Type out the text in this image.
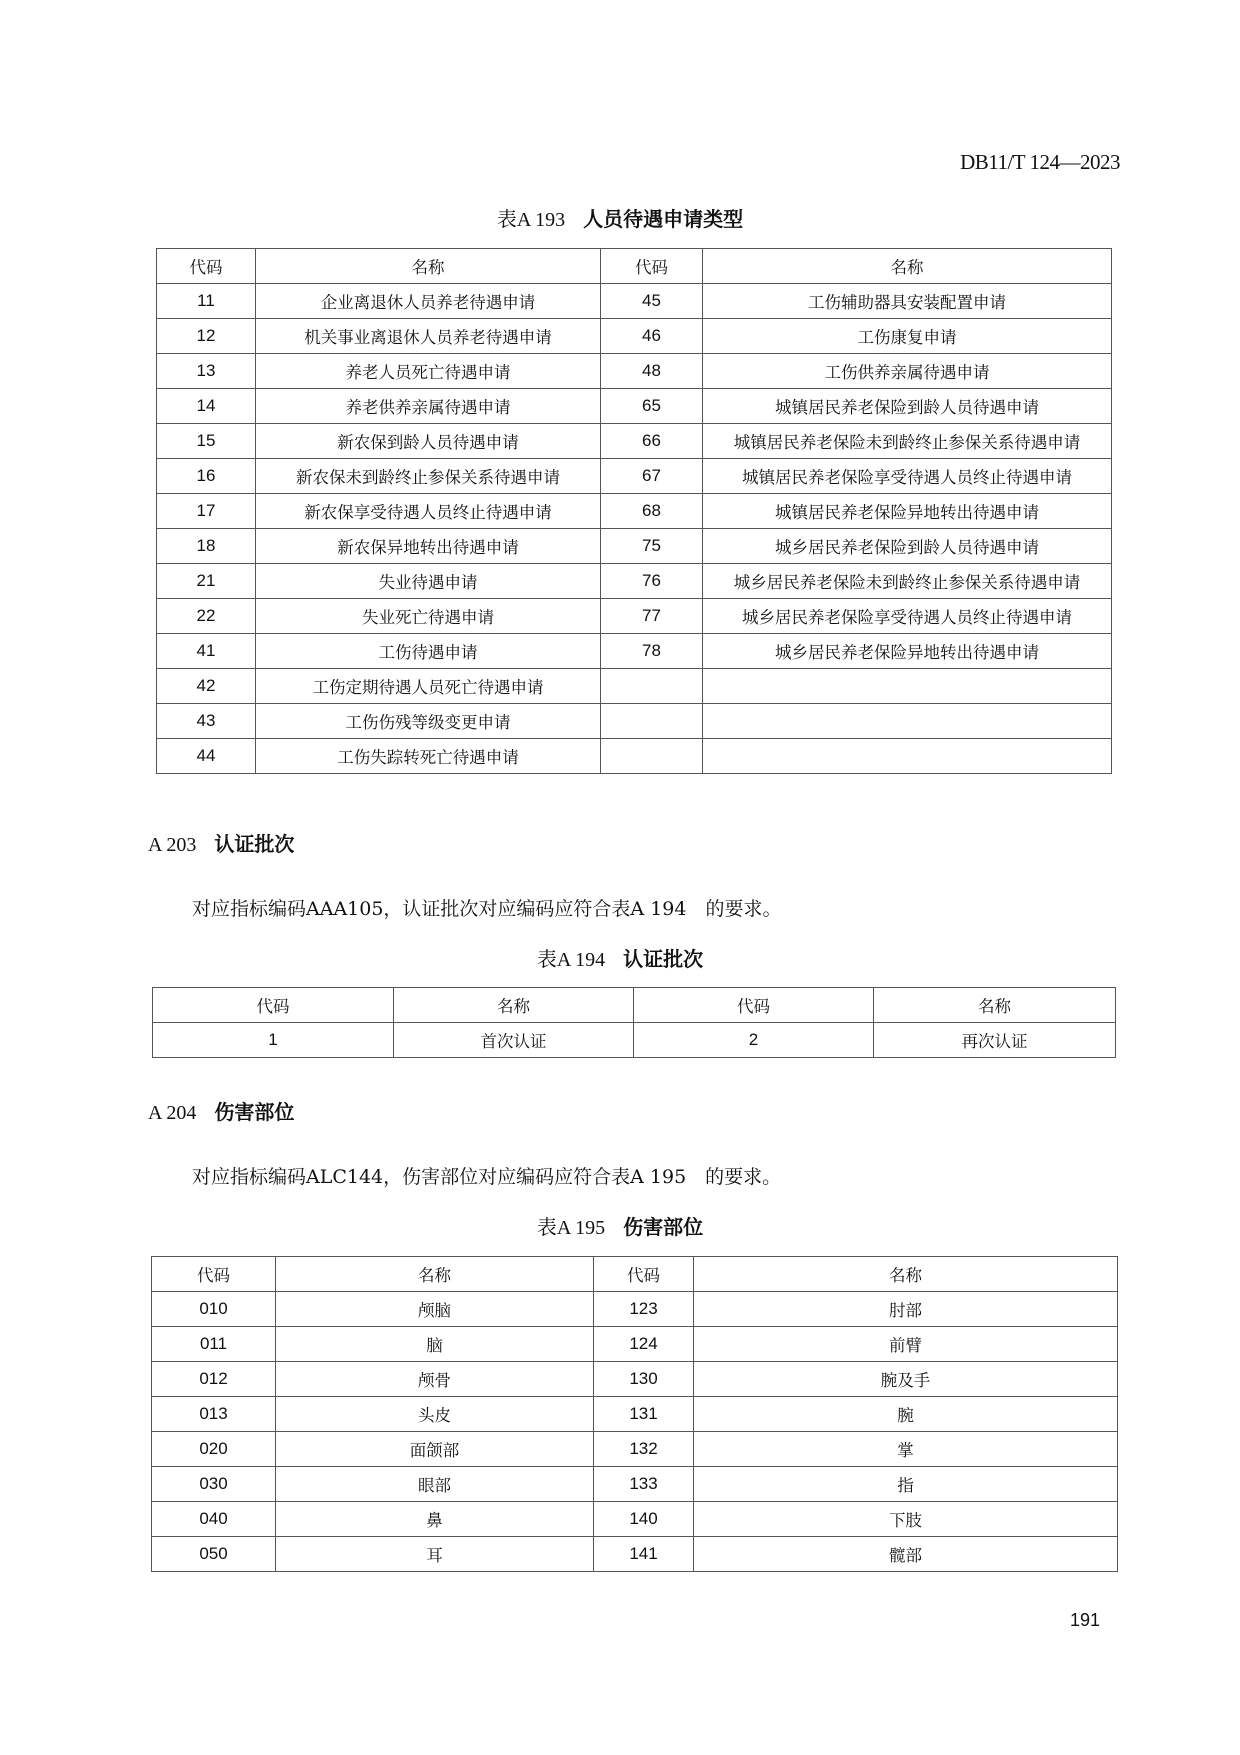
DB11/T 124—2023
表A 193 人员待遇申请类型
代码	名称	代码	名称
11	企业离退休人员养老待遇申请	45	工伤辅助器具安装配置申请
12	机关事业离退休人员养老待遇申请	46	工伤康复申请
13	养老人员死亡待遇申请	48	工伤供养亲属待遇申请
14	养老供养亲属待遇申请	65	城镇居民养老保险到龄人员待遇申请
15	新农保到龄人员待遇申请	66	城镇居民养老保险未到龄终止参保关系待遇申请
16	新农保未到龄终止参保关系待遇申请	67	城镇居民养老保险享受待遇人员终止待遇申请
17	新农保享受待遇人员终止待遇申请	68	城镇居民养老保险异地转出待遇申请
18	新农保异地转出待遇申请	75	城乡居民养老保险到龄人员待遇申请
21	失业待遇申请	76	城乡居民养老保险未到龄终止参保关系待遇申请
22	失业死亡待遇申请	77	城乡居民养老保险享受待遇人员终止待遇申请
41	工伤待遇申请	78	城乡居民养老保险异地转出待遇申请
42	工伤定期待遇人员死亡待遇申请		
43	工伤伤残等级变更申请		
44	工伤失踪转死亡待遇申请		
A 203 认证批次
对应指标编码AAA105，认证批次对应编码应符合表A 194　的要求。
表A 194 认证批次
代码	名称	代码	名称
1	首次认证	2	再次认证
A 204 伤害部位
对应指标编码ALC144，伤害部位对应编码应符合表A 195　的要求。
表A 195 伤害部位
代码	名称	代码	名称
010	颅脑	123	肘部
011	脑	124	前臂
012	颅骨	130	腕及手
013	头皮	131	腕
020	面颌部	132	掌
030	眼部	133	指
040	鼻	140	下肢
050	耳	141	髋部
191
